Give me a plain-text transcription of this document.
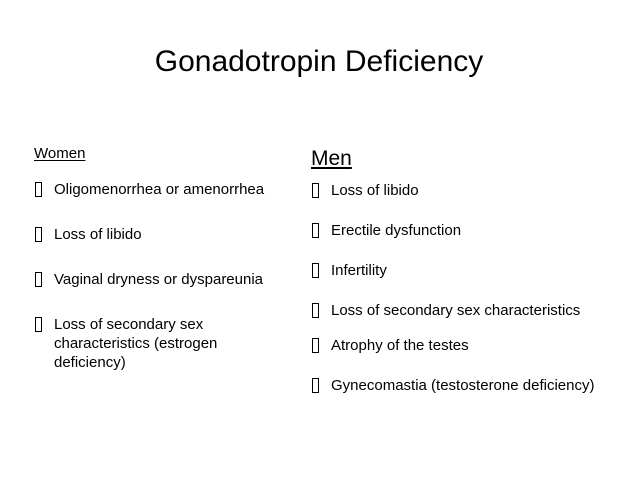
Gonadotropin Deficiency
Women
Oligomenorrhea or amenorrhea
Loss of libido
Vaginal dryness or dyspareunia
Loss of secondary sex characteristics (estrogen deficiency)
Men
Loss of libido
Erectile dysfunction
Infertility
Loss of secondary sex characteristics
Atrophy of the testes
Gynecomastia (testosterone deficiency)
